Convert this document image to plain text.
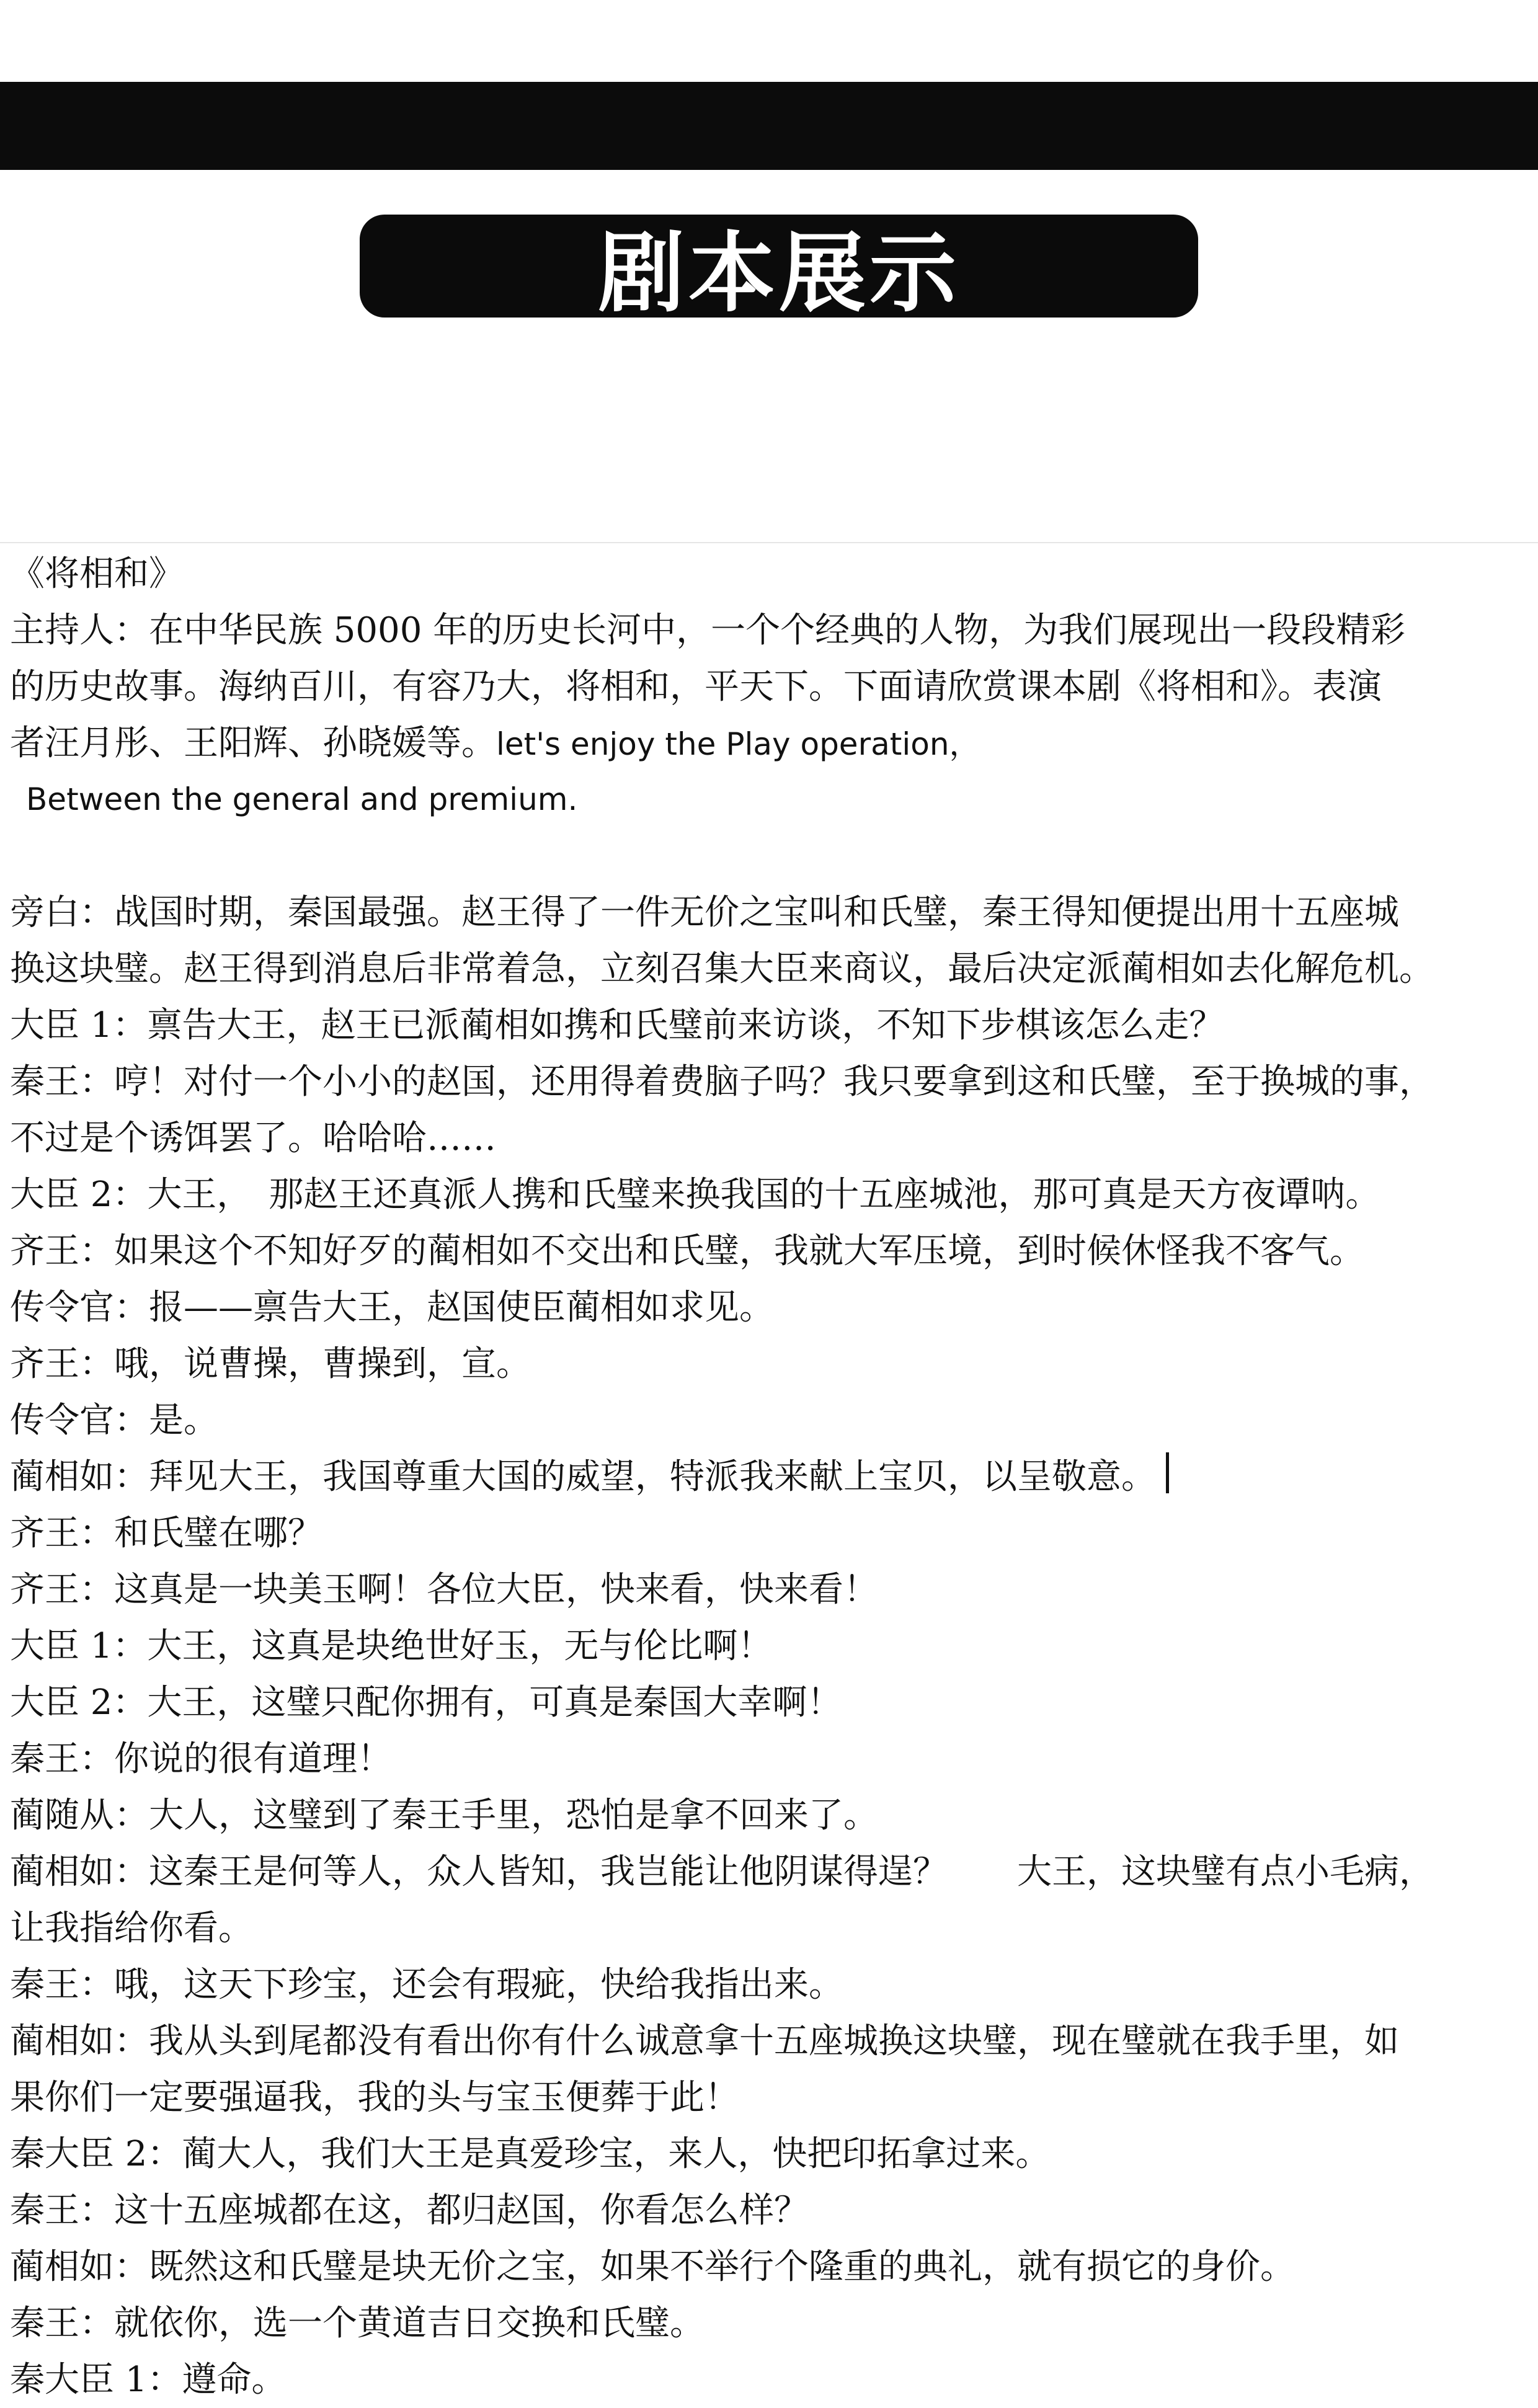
剧本展示
《将相和》
主持人：在中华民族 5000 年的历史长河中，一个个经典的人物，为我们展现出一段段精彩
的历史故事。海纳百川，有容乃大，将相和，平天下。下面请欣赏课本剧《将相和》。表演
者汪月彤、王阳辉、孙晓媛等。let's enjoy the Play operation，
Between the general and premium.
旁白：战国时期，秦国最强。赵王得了一件无价之宝叫和氏璧，秦王得知便提出用十五座城
换这块璧。赵王得到消息后非常着急，立刻召集大臣来商议，最后决定派蔺相如去化解危机。
大臣 1：禀告大王，赵王已派蔺相如携和氏璧前来访谈，不知下步棋该怎么走？
秦王：哼！对付一个小小的赵国，还用得着费脑子吗？我只要拿到这和氏璧，至于换城的事，
不过是个诱饵罢了。哈哈哈……
大臣 2：大王，　那赵王还真派人携和氏璧来换我国的十五座城池，那可真是天方夜谭呐。
齐王：如果这个不知好歹的蔺相如不交出和氏璧，我就大军压境，到时候休怪我不客气。
传令官：报——禀告大王，赵国使臣蔺相如求见。
齐王：哦，说曹操，曹操到，宣。
传令官：是。
蔺相如：拜见大王，我国尊重大国的威望，特派我来献上宝贝，以呈敬意。
齐王：和氏璧在哪？
齐王：这真是一块美玉啊！各位大臣，快来看，快来看！
大臣 1：大王，这真是块绝世好玉，无与伦比啊！
大臣 2：大王，这璧只配你拥有，可真是秦国大幸啊！
秦王：你说的很有道理！
蔺随从：大人，这璧到了秦王手里，恐怕是拿不回来了。
蔺相如：这秦王是何等人，众人皆知，我岂能让他阴谋得逞？　　大王，这块璧有点小毛病，
让我指给你看。
秦王：哦，这天下珍宝，还会有瑕疵，快给我指出来。
蔺相如：我从头到尾都没有看出你有什么诚意拿十五座城换这块璧，现在璧就在我手里，如
果你们一定要强逼我，我的头与宝玉便葬于此！
秦大臣 2：蔺大人，我们大王是真爱珍宝，来人，快把印拓拿过来。
秦王：这十五座城都在这，都归赵国，你看怎么样？
蔺相如：既然这和氏璧是块无价之宝，如果不举行个隆重的典礼，就有损它的身价。
秦王：就依你，选一个黄道吉日交换和氏璧。
秦大臣 1：遵命。
